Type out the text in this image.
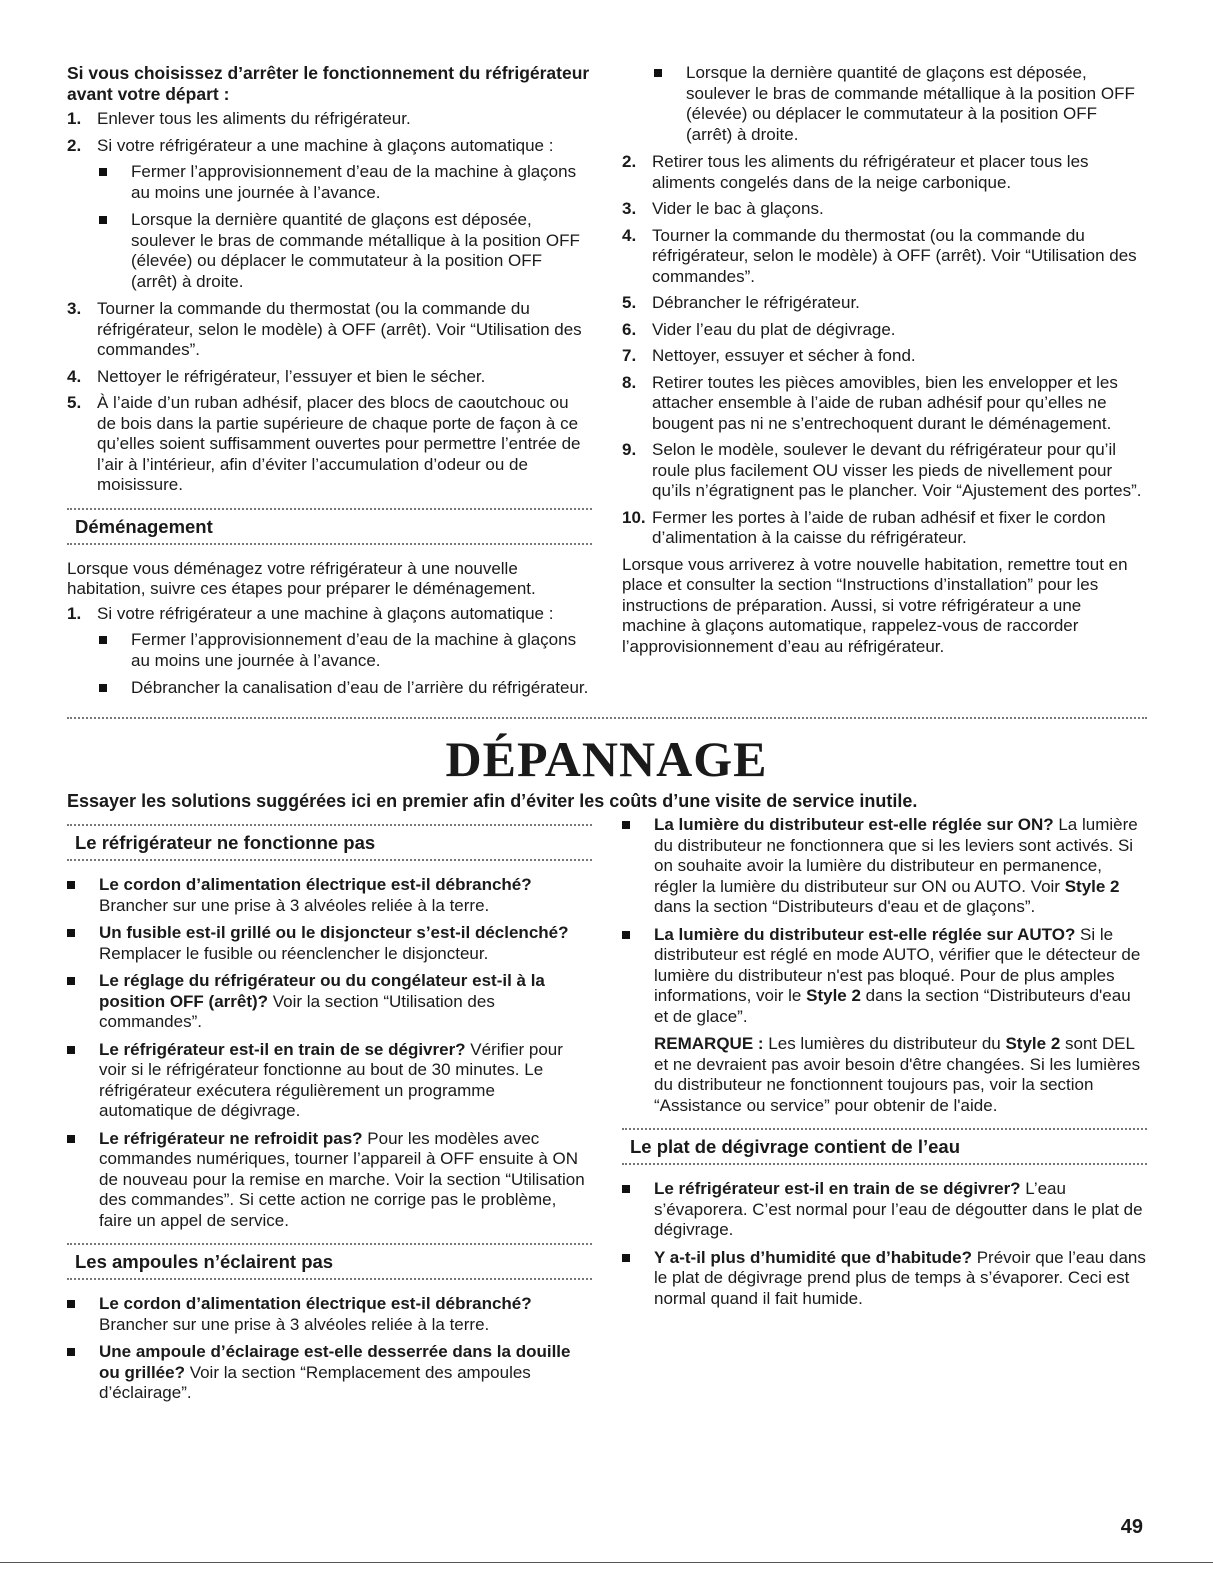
Si vous choisissez d’arrêter le fonctionnement du réfrigérateur avant votre départ :
1. Enlever tous les aliments du réfrigérateur.
2. Si votre réfrigérateur a une machine à glaçons automatique :
Fermer l’approvisionnement d’eau de la machine à glaçons au moins une journée à l’avance.
Lorsque la dernière quantité de glaçons est déposée, soulever le bras de commande métallique à la position OFF (élevée) ou déplacer le commutateur à la position OFF (arrêt) à droite.
3. Tourner la commande du thermostat (ou la commande du réfrigérateur, selon le modèle) à OFF (arrêt). Voir “Utilisation des commandes”.
4. Nettoyer le réfrigérateur, l’essuyer et bien le sécher.
5. À l’aide d’un ruban adhésif, placer des blocs de caoutchouc ou de bois dans la partie supérieure de chaque porte de façon à ce qu’elles soient suffisamment ouvertes pour permettre l’entrée de l’air à l’intérieur, afin d’éviter l’accumulation d’odeur ou de moisissure.
Déménagement

Lorsque vous déménagez votre réfrigérateur à une nouvelle habitation, suivre ces étapes pour préparer le déménagement.

1. Si votre réfrigérateur a une machine à glaçons automatique :
Fermer l’approvisionnement d’eau de la machine à glaçons au moins une journée à l’avance.
Débrancher la canalisation d’eau de l’arrière du réfrigérateur.
Lorsque la dernière quantité de glaçons est déposée, soulever le bras de commande métallique à la position OFF (élevée) ou déplacer le commutateur à la position OFF (arrêt) à droite.
2. Retirer tous les aliments du réfrigérateur et placer tous les aliments congelés dans de la neige carbonique.
3. Vider le bac à glaçons.
4. Tourner la commande du thermostat (ou la commande du réfrigérateur, selon le modèle) à OFF (arrêt). Voir “Utilisation des commandes”.
5. Débrancher le réfrigérateur.
6. Vider l’eau du plat de dégivrage.
7. Nettoyer, essuyer et sécher à fond.
8. Retirer toutes les pièces amovibles, bien les envelopper et les attacher ensemble à l’aide de ruban adhésif pour qu’elles ne bougent pas ni ne s’entrechoquent durant le déménagement.
9. Selon le modèle, soulever le devant du réfrigérateur pour qu’il roule plus facilement OU visser les pieds de nivellement pour qu’ils n’égratignent pas le plancher. Voir “Ajustement des portes”.
10. Fermer les portes à l’aide de ruban adhésif et fixer le cordon d’alimentation à la caisse du réfrigérateur.

Lorsque vous arriverez à votre nouvelle habitation, remettre tout en place et consulter la section “Instructions d’installation” pour les instructions de préparation. Aussi, si votre réfrigérateur a une machine à glaçons automatique, rappelez-vous de raccorder l’approvisionnement d’eau au réfrigérateur.

DÉPANNAGE
Essayer les solutions suggérées ici en premier afin d’éviter les coûts d’une visite de service inutile.
Le réfrigérateur ne fonctionne pas
Le cordon d’alimentation électrique est-il débranché? Brancher sur une prise à 3 alvéoles reliée à la terre.
Un fusible est-il grillé ou le disjoncteur s’est-il déclenché? Remplacer le fusible ou réenclencher le disjoncteur.
Le réglage du réfrigérateur ou du congélateur est-il à la position OFF (arrêt)? Voir la section “Utilisation des commandes”.
Le réfrigérateur est-il en train de se dégivrer? Vérifier pour voir si le réfrigérateur fonctionne au bout de 30 minutes. Le réfrigérateur exécutera régulièrement un programme automatique de dégivrage.
Le réfrigérateur ne refroidit pas? Pour les modèles avec commandes numériques, tourner l’appareil à OFF ensuite à ON de nouveau pour la remise en marche. Voir la section “Utilisation des commandes”. Si cette action ne corrige pas le problème, faire un appel de service.
Les ampoules n’éclairent pas
Le cordon d’alimentation électrique est-il débranché? Brancher sur une prise à 3 alvéoles reliée à la terre.
Une ampoule d’éclairage est-elle desserrée dans la douille ou grillée? Voir la section “Remplacement des ampoules d’éclairage”.
La lumière du distributeur est-elle réglée sur ON? La lumière du distributeur ne fonctionnera que si les leviers sont activés. Si on souhaite avoir la lumière du distributeur en permanence, régler la lumière du distributeur sur ON ou AUTO. Voir Style 2 dans la section “Distributeurs d'eau et de glaçons”.
La lumière du distributeur est-elle réglée sur AUTO? Si le distributeur est réglé en mode AUTO, vérifier que le détecteur de lumière du distributeur n'est pas bloqué. Pour de plus amples informations, voir le Style 2 dans la section “Distributeurs d'eau et de glace”.

REMARQUE : Les lumières du distributeur du Style 2 sont DEL et ne devraient pas avoir besoin d'être changées. Si les lumières du distributeur ne fonctionnent toujours pas, voir la section “Assistance ou service” pour obtenir de l'aide.

Le plat de dégivrage contient de l’eau
Le réfrigérateur est-il en train de se dégivrer? L’eau s’évaporera. C’est normal pour l’eau de dégoutter dans le plat de dégivrage.
Y a-t-il plus d’humidité que d’habitude? Prévoir que l’eau dans le plat de dégivrage prend plus de temps à s’évaporer. Ceci est normal quand il fait humide.
49
